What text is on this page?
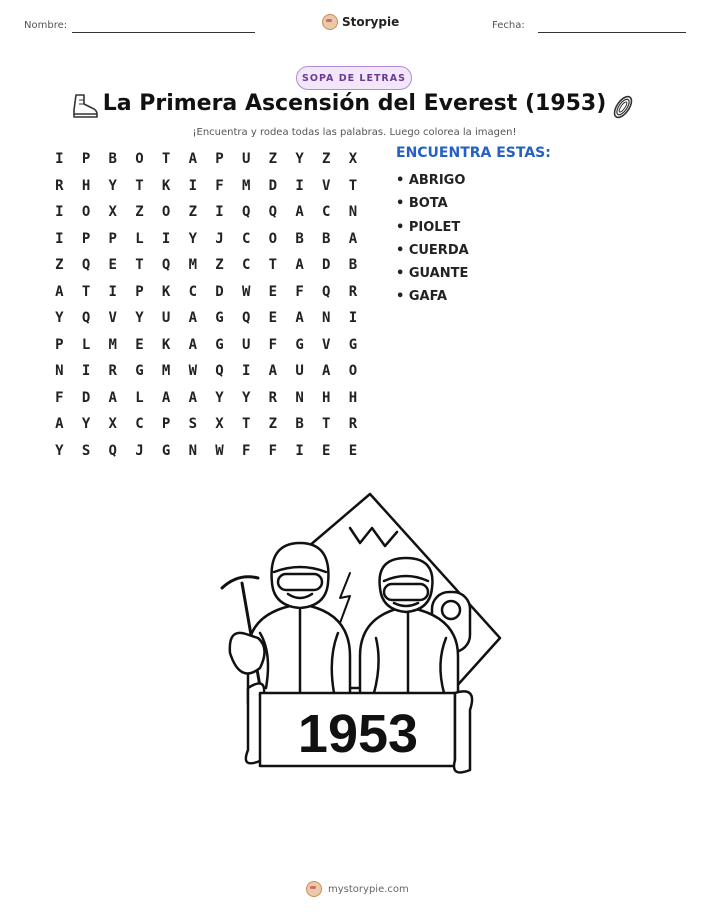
Nombre:	Storypie	Fecha:
SOPA DE LETRAS
La Primera Ascensión del Everest (1953)
¡Encuentra y rodea todas las palabras. Luego colorea la imagen!
I	P	B	O	T	A	P	U	Z	Y	Z	X
R	H	Y	T	K	I	F	M	D	I	V	T
I	O	X	Z	O	Z	I	Q	Q	A	C	N
I	P	P	L	I	Y	J	C	O	B	B	A
Z	Q	E	T	Q	M	Z	C	T	A	D	B
A	T	I	P	K	C	D	W	E	F	Q	R
Y	Q	V	Y	U	A	G	Q	E	A	N	I
P	L	M	E	K	A	G	U	F	G	V	G
N	I	R	G	M	W	Q	I	A	U	A	O
F	D	A	L	A	A	Y	Y	R	N	H	H
A	Y	X	C	P	S	X	T	Z	B	T	R
Y	S	Q	J	G	N	W	F	F	I	E	E
ENCUENTRA ESTAS:
• ABRIGO
• BOTA
• PIOLET
• CUERDA
• GUANTE
• GAFA
1953
mystorypie.com
